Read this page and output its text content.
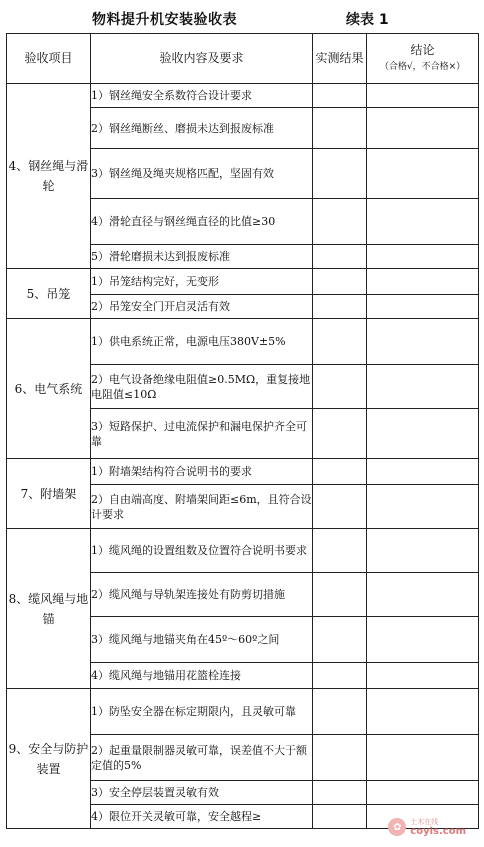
物料提升机安装验收表	续表 1
验收项目	验收内容及要求	实测结果	结论
（合格√，不合格×）

4、钢丝绳与滑轮	1）钢丝绳安全系数符合设计要求		
	2）钢丝绳断丝、磨损未达到报废标准		
	3）钢丝绳及绳夹规格匹配，坚固有效		
	4）滑轮直径与钢丝绳直径的比值≥30		
	5）滑轮磨损未达到报废标准		
5、吊笼	1）吊笼结构完好，无变形		
	2）吊笼安全门开启灵活有效		
6、电气系统	1）供电系统正常，电源电压380V±5%		
	2）电气设备绝缘电阻值≥0.5MΩ，重复接地电阻值≤10Ω		
	3）短路保护、过电流保护和漏电保护齐全可靠		
7、附墙架	1）附墙架结构符合说明书的要求		
	2）自由端高度、附墙架间距≤6m，且符合设计要求		
8、缆风绳与地锚	1）缆风绳的设置组数及位置符合说明书要求		
	2）缆风绳与导轨架连接处有防剪切措施		
	3）缆风绳与地锚夹角在45º～60º之间		
	4）缆风绳与地锚用花篮栓连接		
9、安全与防护装置	1）防坠安全器在标定期限内，且灵敏可靠		
	2）起重量限制器灵敏可靠，误差值不大于额定值的5%		
	3）安全停层装置灵敏有效		
	4）限位开关灵敏可靠，安全越程≥		
✿	土木在线
coyis.com
